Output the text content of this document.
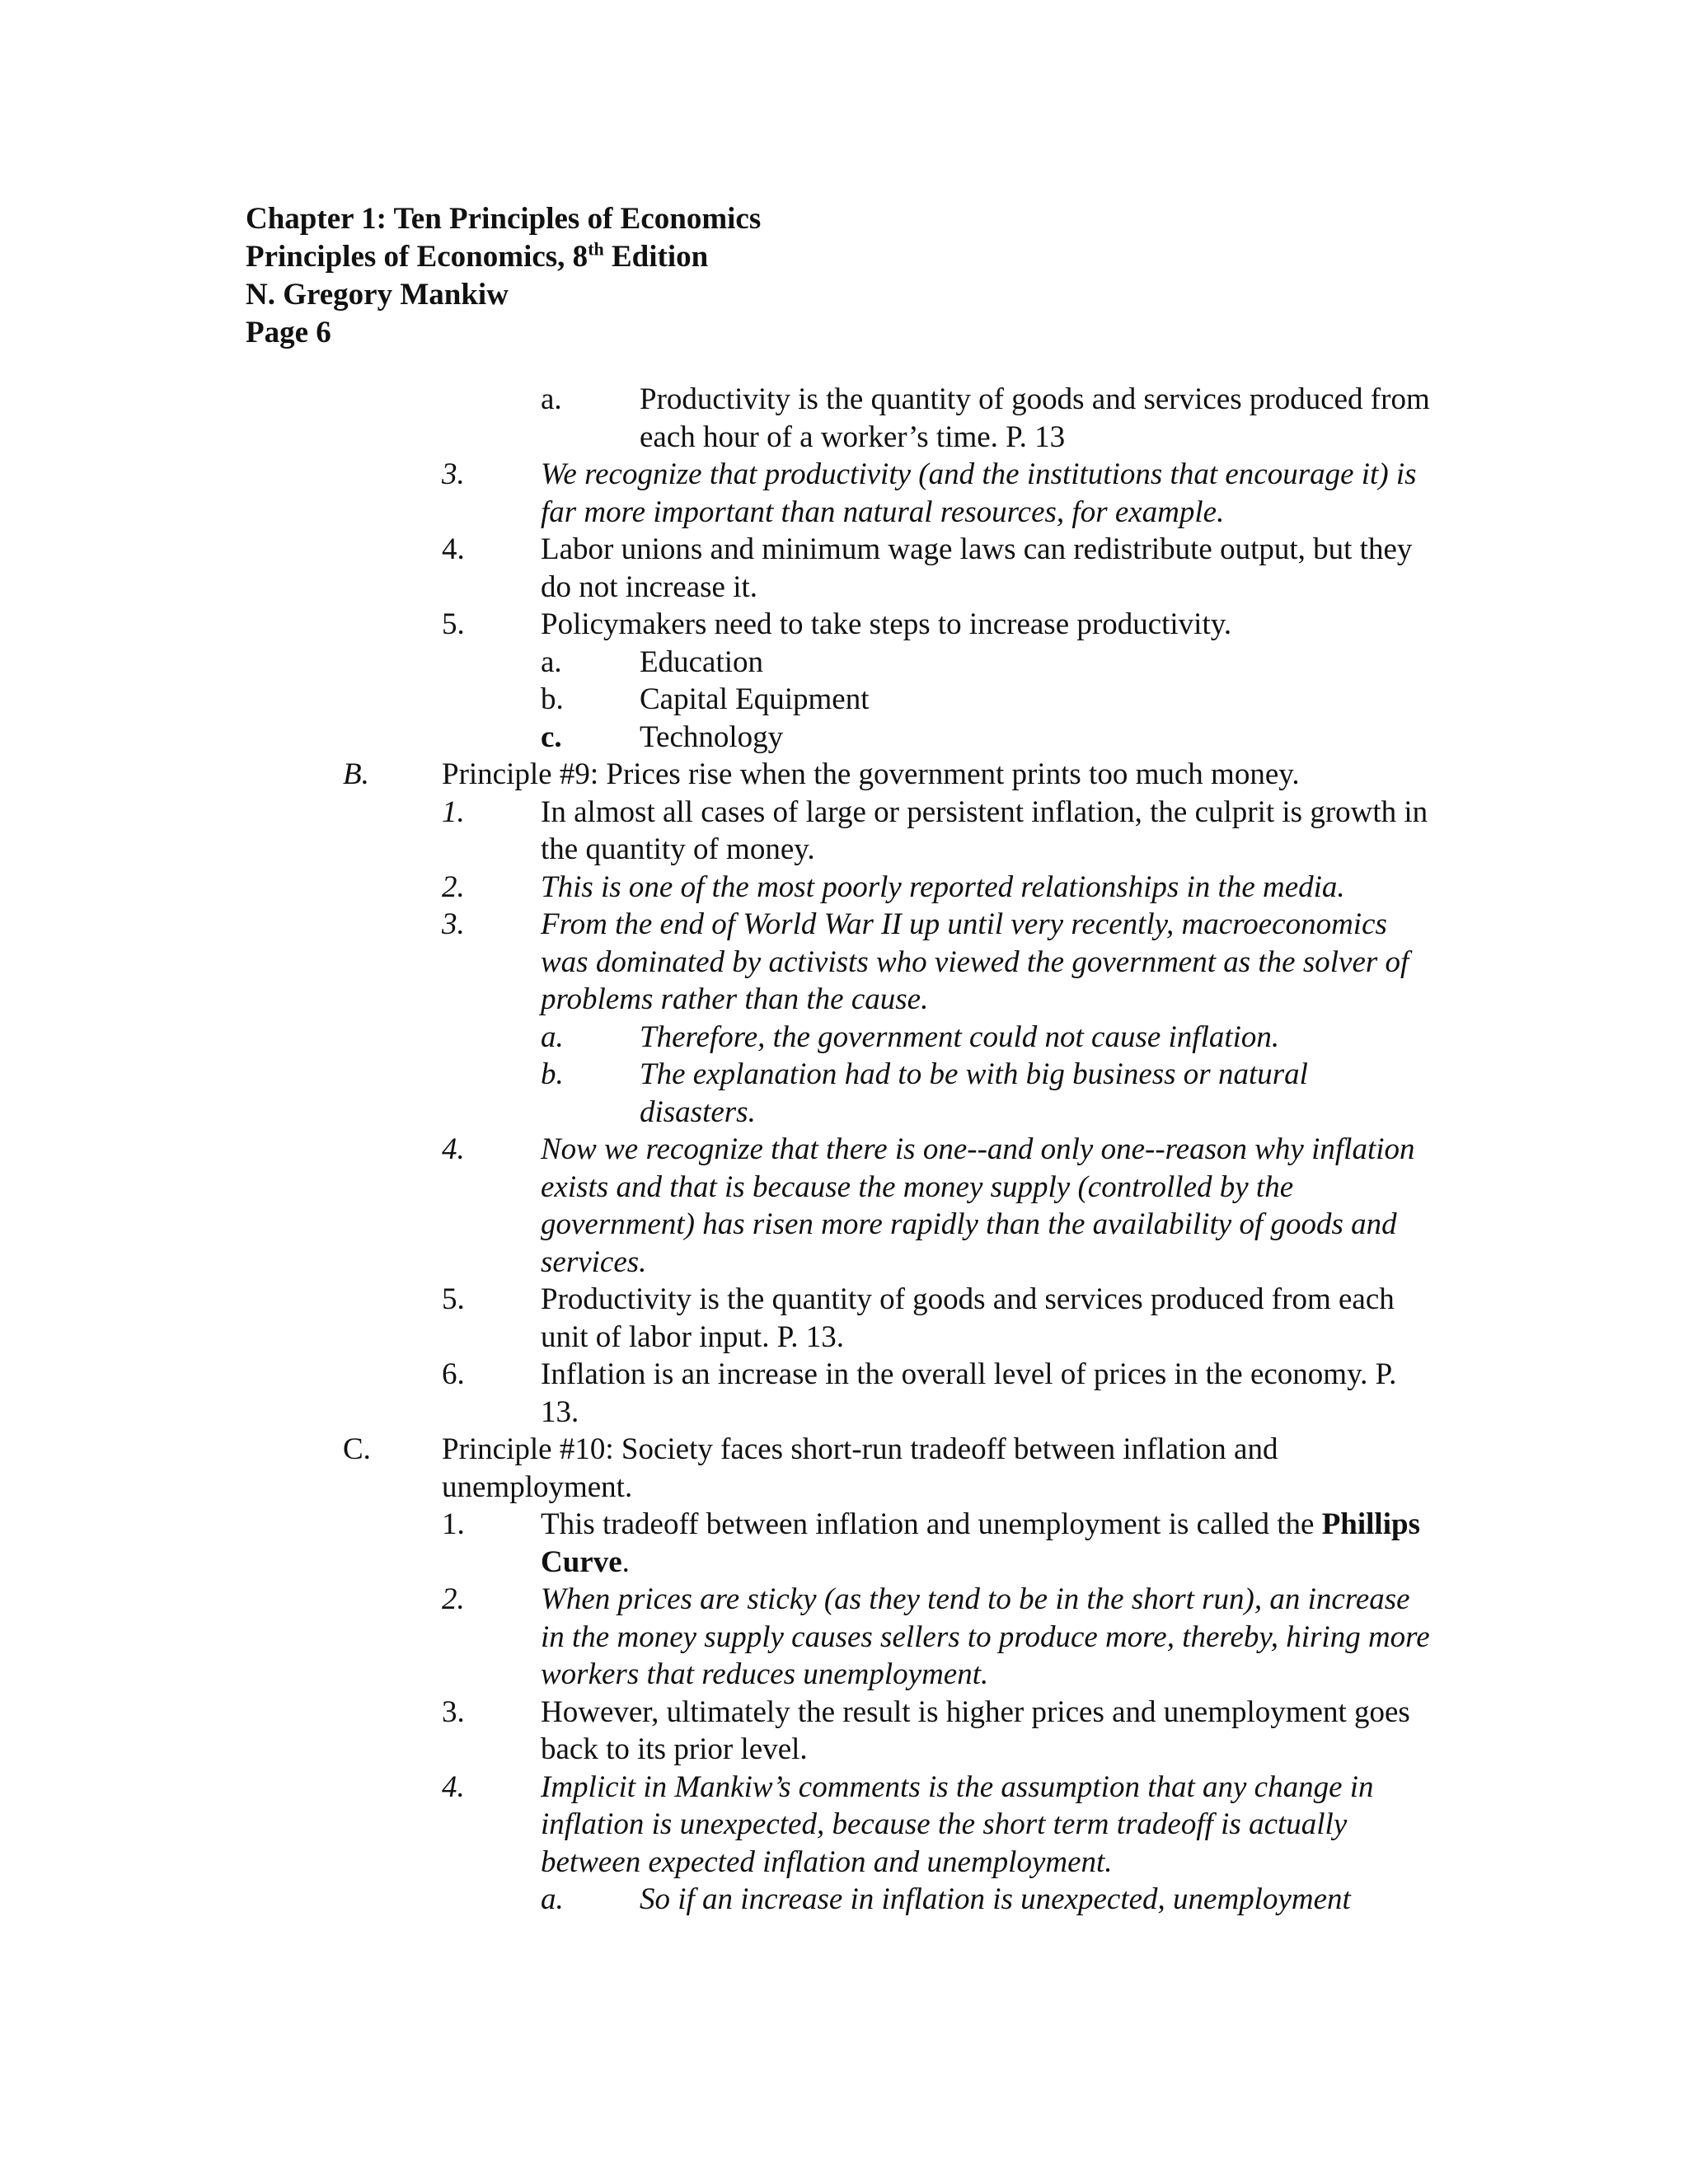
Chapter 1: Ten Principles of Economics
Principles of Economics, 8th Edition
N. Gregory Mankiw
Page 6
a.	Productivity is the quantity of goods and services produced from each hour of a worker’s time. P. 13
3. We recognize that productivity (and the institutions that encourage it) is far more important than natural resources, for example.
4. Labor unions and minimum wage laws can redistribute output, but they do not increase it.
5. Policymakers need to take steps to increase productivity.
a.	Education
b. Capital Equipment
c.	Technology
B. Principle #9: Prices rise when the government prints too much money.
1. In almost all cases of large or persistent inflation, the culprit is growth in the quantity of money.
2. This is one of the most poorly reported relationships in the media.
3. From the end of World War II up until very recently, macroeconomics was dominated by activists who viewed the government as the solver of problems rather than the cause.
a. Therefore, the government could not cause inflation.
b. The explanation had to be with big business or natural disasters.
4. Now we recognize that there is one--and only one--reason why inflation exists and that is because the money supply (controlled by the government) has risen more rapidly than the availability of goods and services.
5. Productivity is the quantity of goods and services produced from each unit of labor input. P. 13.
6. Inflation is an increase in the overall level of prices in the economy. P. 13.
C. Principle #10: Society faces short-run tradeoff between inflation and unemployment.
1. This tradeoff between inflation and unemployment is called the Phillips Curve.
2. When prices are sticky (as they tend to be in the short run), an increase in the money supply causes sellers to produce more, thereby, hiring more workers that reduces unemployment.
3. However, ultimately the result is higher prices and unemployment goes back to its prior level.
4. Implicit in Mankiw’s comments is the assumption that any change in inflation is unexpected, because the short term tradeoff is actually between expected inflation and unemployment.
a. So if an increase in inflation is unexpected, unemployment
